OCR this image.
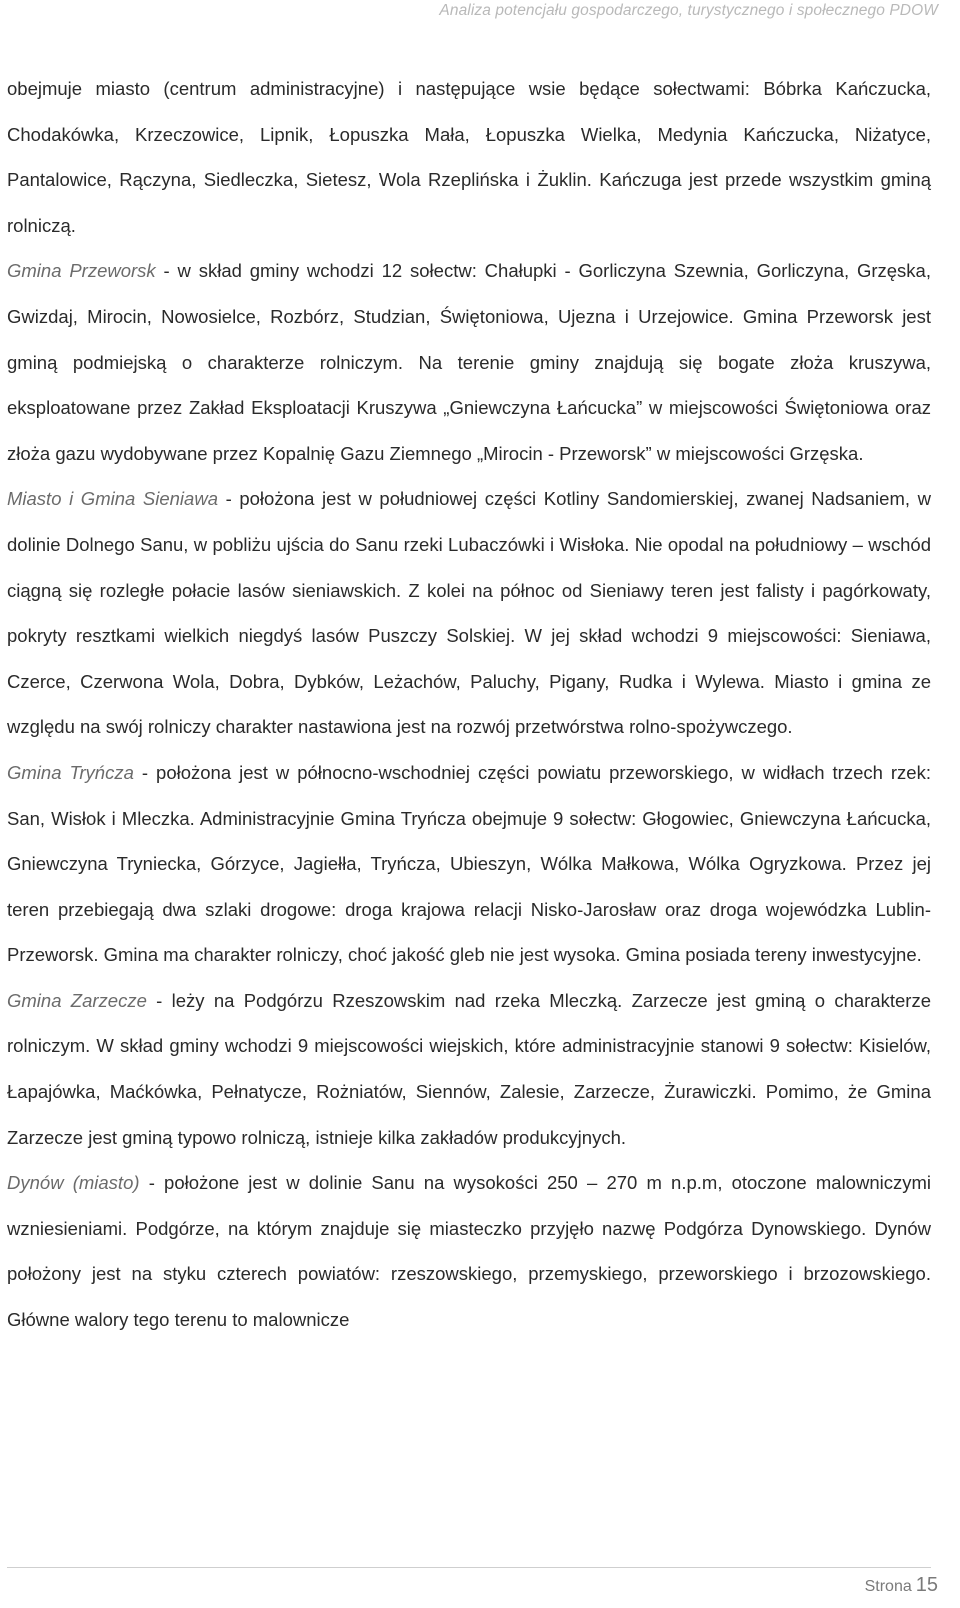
Analiza potencjału gospodarczego, turystycznego i społecznego PDOW

obejmuje miasto (centrum administracyjne) i następujące wsie będące sołectwami: Bóbrka Kańczucka, Chodakówka, Krzeczowice, Lipnik, Łopuszka Mała, Łopuszka Wielka, Medynia Kańczucka, Niżatyce, Pantalowice, Rączyna, Siedleczka, Sietesz, Wola Rzeplińska i Żuklin. Kańczuga jest przede wszystkim gminą rolniczą.

Gmina Przeworsk - w skład gminy wchodzi 12 sołectw: Chałupki - Gorliczyna Szewnia, Gorliczyna, Grzęska, Gwizdaj, Mirocin, Nowosielce, Rozbórz, Studzian, Świętoniowa, Ujezna i Urzejowice. Gmina Przeworsk jest gminą podmiejską o charakterze rolniczym. Na terenie gminy znajdują się bogate złoża kruszywa, eksploatowane przez Zakład Eksploatacji Kruszywa „Gniewczyna Łańcucka” w miejscowości Świętoniowa oraz złoża gazu wydobywane przez Kopalnię Gazu Ziemnego „Mirocin - Przeworsk” w miejscowości Grzęska.

Miasto i Gmina Sieniawa - położona jest w południowej części Kotliny Sandomierskiej, zwanej Nadsaniem, w dolinie Dolnego Sanu, w pobliżu ujścia do Sanu rzeki Lubaczówki i Wisłoka. Nie opodal na południowy – wschód ciągną się rozległe połacie lasów sieniawskich. Z kolei na północ od Sieniawy teren jest falisty i pagórkowaty, pokryty resztkami wielkich niegdyś lasów Puszczy Solskiej. W jej skład wchodzi 9 miejscowości: Sieniawa, Czerce, Czerwona Wola, Dobra, Dybków, Leżachów, Paluchy, Pigany, Rudka i Wylewa. Miasto i gmina ze względu na swój rolniczy charakter nastawiona jest na rozwój przetwórstwa rolno-spożywczego.

Gmina Tryńcza - położona jest w północno-wschodniej części powiatu przeworskiego, w widłach trzech rzek: San, Wisłok i Mleczka. Administracyjnie Gmina Tryńcza obejmuje 9 sołectw: Głogowiec, Gniewczyna Łańcucka, Gniewczyna Tryniecka, Górzyce, Jagiełła, Tryńcza, Ubieszyn, Wólka Małkowa, Wólka Ogryzkowa. Przez jej teren przebiegają dwa szlaki drogowe: droga krajowa relacji Nisko-Jarosław oraz droga wojewódzka Lublin-Przeworsk. Gmina ma charakter rolniczy, choć jakość gleb nie jest wysoka. Gmina posiada tereny inwestycyjne.

Gmina Zarzecze - leży na Podgórzu Rzeszowskim nad rzeka Mleczką. Zarzecze jest gminą o charakterze rolniczym. W skład gminy wchodzi 9 miejscowości wiejskich, które administracyjnie stanowi 9 sołectw: Kisielów, Łapajówka, Maćkówka, Pełnatycze, Rożniatów, Siennów, Zalesie, Zarzecze, Żurawiczki. Pomimo, że Gmina Zarzecze jest gminą typowo rolniczą, istnieje kilka zakładów produkcyjnych.

Dynów (miasto) - położone jest w dolinie Sanu na wysokości 250 – 270 m n.p.m, otoczone malowniczymi wzniesieniami. Podgórze, na którym znajduje się miasteczko przyjęło nazwę Podgórza Dynowskiego. Dynów położony jest na styku czterech powiatów: rzeszowskiego, przemyskiego, przeworskiego i brzozowskiego. Główne walory tego terenu to malownicze

Strona 15
